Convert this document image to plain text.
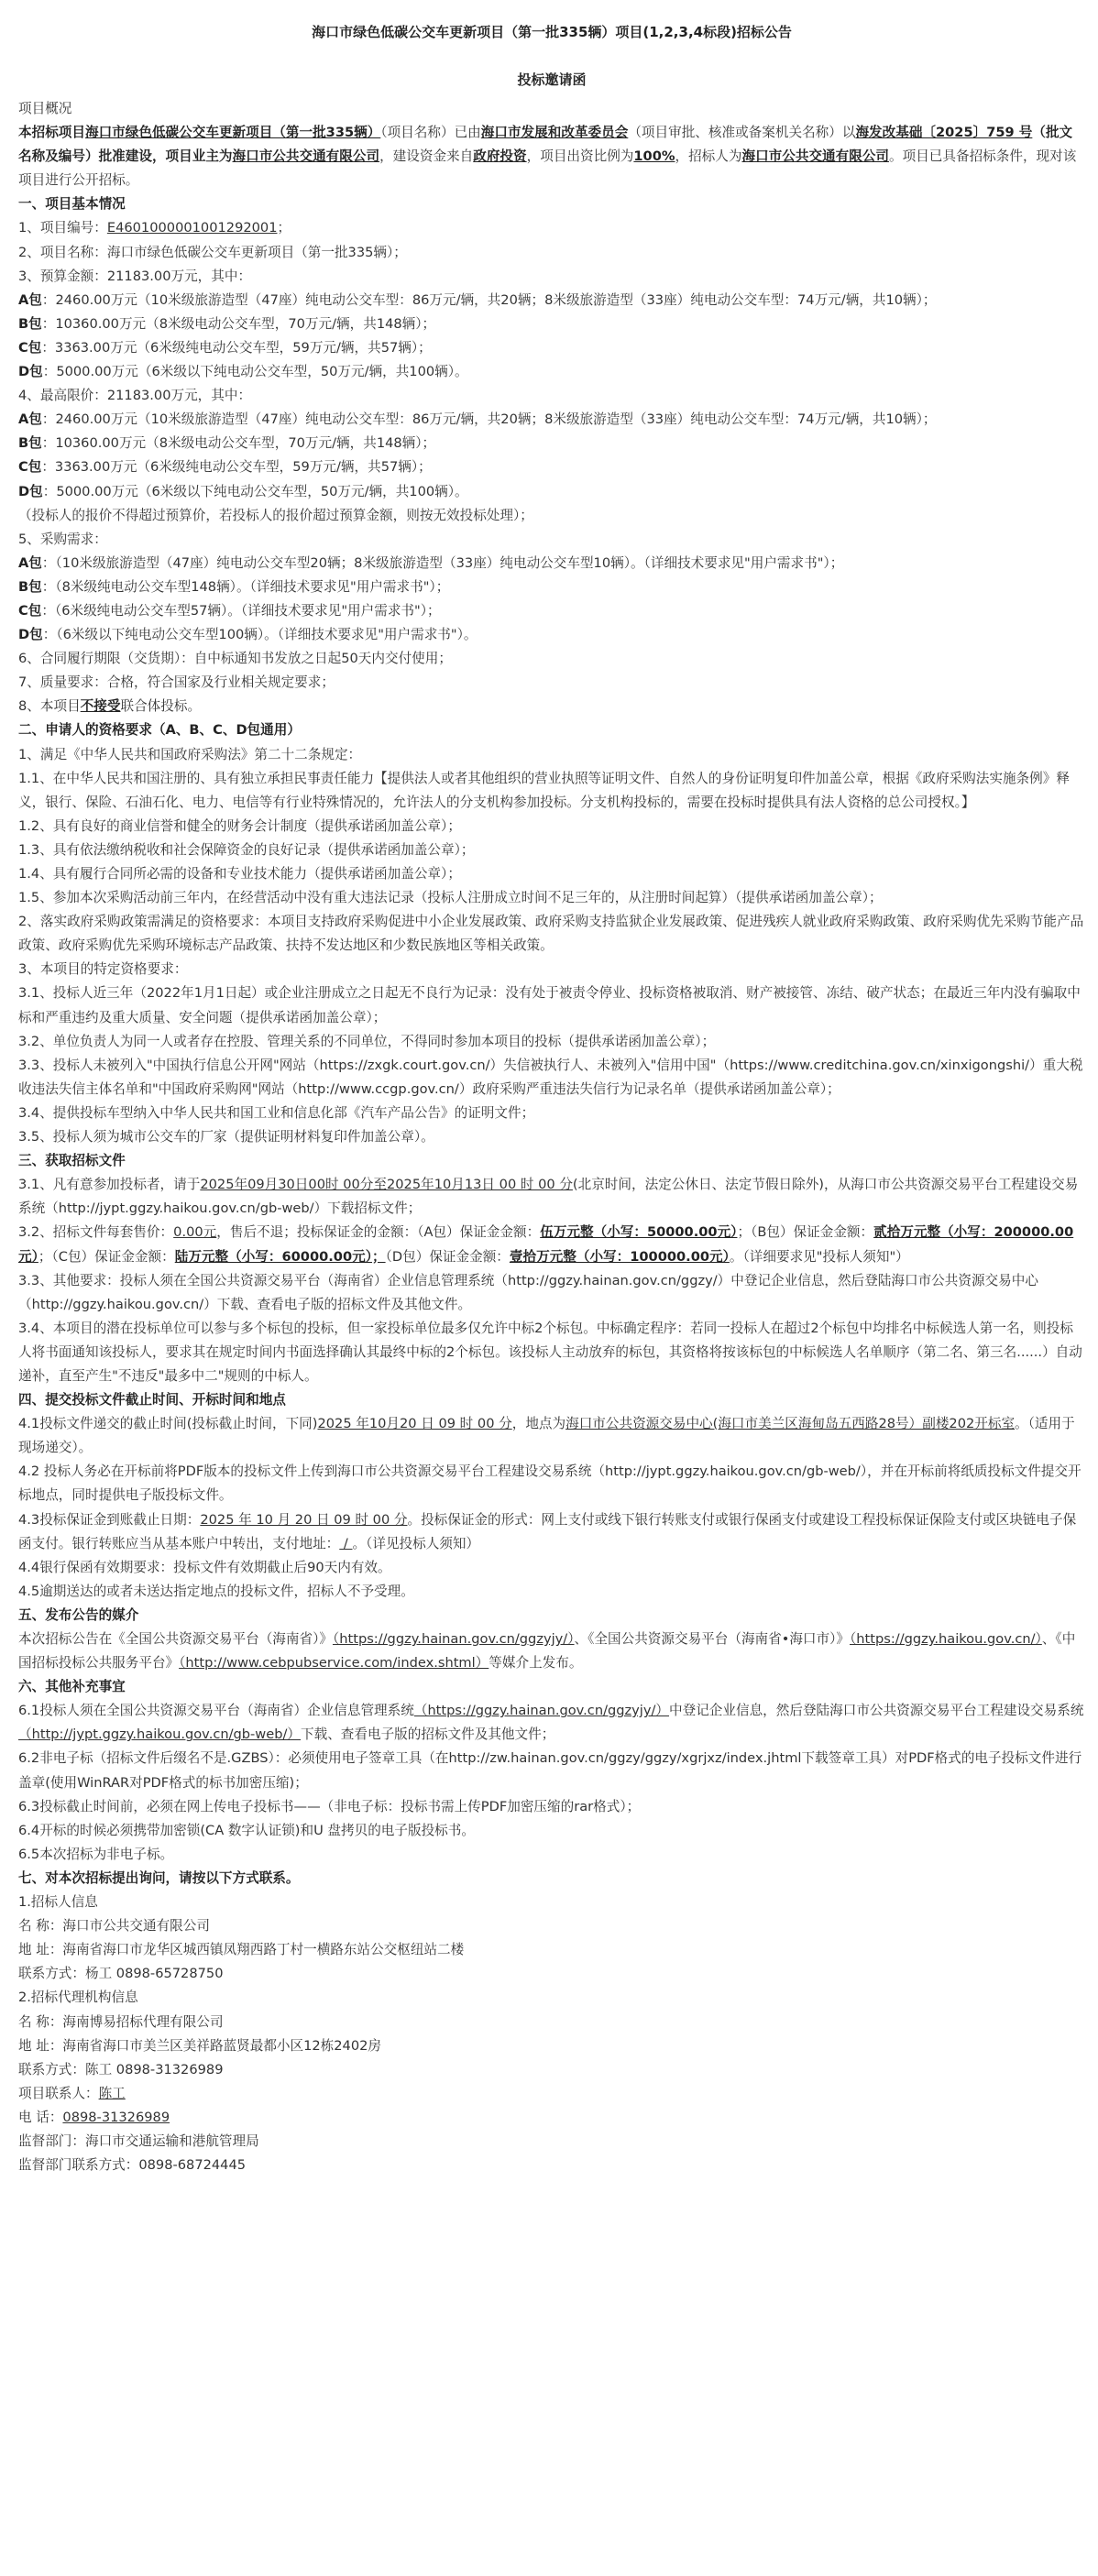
海口市绿色低碳公交车更新项目（第一批335辆）项目(1,2,3,4标段)招标公告
投标邀请函

项目概况

本招标项目海口市绿色低碳公交车更新项目（第一批335辆）（项目名称）已由海口市发展和改革委员会（项目审批、核准或备案机关名称）以海发改基础〔2025〕759 号（批文名称及编号）批准建设，项目业主为海口市公共交通有限公司，建设资金来自政府投资，项目出资比例为100%，招标人为海口市公共交通有限公司。项目已具备招标条件，现对该项目进行公开招标。

一、项目基本情况

1、项目编号：E4601000001001292001；

2、项目名称：海口市绿色低碳公交车更新项目（第一批335辆）；

3、预算金额：21183.00万元，其中：

A包：2460.00万元（10米级旅游造型（47座）纯电动公交车型：86万元/辆，共20辆；8米级旅游造型（33座）纯电动公交车型：74万元/辆，共10辆）；

B包：10360.00万元（8米级电动公交车型，70万元/辆，共148辆）；

C包：3363.00万元（6米级纯电动公交车型，59万元/辆，共57辆）；

D包：5000.00万元（6米级以下纯电动公交车型，50万元/辆，共100辆）。

4、最高限价：21183.00万元，其中：

A包：2460.00万元（10米级旅游造型（47座）纯电动公交车型：86万元/辆，共20辆；8米级旅游造型（33座）纯电动公交车型：74万元/辆，共10辆）；

B包：10360.00万元（8米级电动公交车型，70万元/辆，共148辆）；

C包：3363.00万元（6米级纯电动公交车型，59万元/辆，共57辆）；

D包：5000.00万元（6米级以下纯电动公交车型，50万元/辆，共100辆）。

（投标人的报价不得超过预算价，若投标人的报价超过预算金额，则按无效投标处理）；

5、采购需求：

A包：（10米级旅游造型（47座）纯电动公交车型20辆；8米级旅游造型（33座）纯电动公交车型10辆）。（详细技术要求见"用户需求书"）；

B包：（8米级纯电动公交车型148辆）。（详细技术要求见"用户需求书"）；

C包：（6米级纯电动公交车型57辆）。（详细技术要求见"用户需求书"）；

D包：（6米级以下纯电动公交车型100辆）。（详细技术要求见"用户需求书"）。

6、合同履行期限（交货期）：自中标通知书发放之日起50天内交付使用；

7、质量要求：合格，符合国家及行业相关规定要求；

8、本项目不接受联合体投标。

二、申请人的资格要求（A、B、C、D包通用）

1、满足《中华人民共和国政府采购法》第二十二条规定：

1.1、在中华人民共和国注册的、具有独立承担民事责任能力【提供法人或者其他组织的营业执照等证明文件、自然人的身份证明复印件加盖公章，根据《政府采购法实施条例》释义，银行、保险、石油石化、电力、电信等有行业特殊情况的，允许法人的分支机构参加投标。分支机构投标的，需要在投标时提供具有法人资格的总公司授权。】

1.2、具有良好的商业信誉和健全的财务会计制度（提供承诺函加盖公章）；

1.3、具有依法缴纳税收和社会保障资金的良好记录（提供承诺函加盖公章）；

1.4、具有履行合同所必需的设备和专业技术能力（提供承诺函加盖公章）；

1.5、参加本次采购活动前三年内，在经营活动中没有重大违法记录（投标人注册成立时间不足三年的，从注册时间起算）（提供承诺函加盖公章）；

2、落实政府采购政策需满足的资格要求：本项目支持政府采购促进中小企业发展政策、政府采购支持监狱企业发展政策、促进残疾人就业政府采购政策、政府采购优先采购节能产品政策、政府采购优先采购环境标志产品政策、扶持不发达地区和少数民族地区等相关政策。

3、本项目的特定资格要求：

3.1、投标人近三年（2022年1月1日起）或企业注册成立之日起无不良行为记录：没有处于被责令停业、投标资格被取消、财产被接管、冻结、破产状态；在最近三年内没有骗取中标和严重违约及重大质量、安全问题（提供承诺函加盖公章）；

3.2、单位负责人为同一人或者存在控股、管理关系的不同单位，不得同时参加本项目的投标（提供承诺函加盖公章）；

3.3、投标人未被列入"中国执行信息公开网"网站（https://zxgk.court.gov.cn/）失信被执行人、未被列入"信用中国"（https://www.creditchina.gov.cn/xinxigongshi/）重大税收违法失信主体名单和"中国政府采购网"网站（http://www.ccgp.gov.cn/）政府采购严重违法失信行为记录名单（提供承诺函加盖公章）；

3.4、提供投标车型纳入中华人民共和国工业和信息化部《汽车产品公告》的证明文件；

3.5、投标人须为城市公交车的厂家（提供证明材料复印件加盖公章）。

三、获取招标文件

3.1、凡有意参加投标者，请于2025年09月30日00时 00分至2025年10月13日 00 时 00 分(北京时间，法定公休日、法定节假日除外)，从海口市公共资源交易平台工程建设交易系统（http://jypt.ggzy.haikou.gov.cn/gb-web/）下载招标文件；

3.2、招标文件每套售价：0.00元，售后不退；投标保证金的金额：（A包）保证金金额：伍万元整（小写：50000.00元）；（B包）保证金金额：贰拾万元整（小写：200000.00元）；（C包）保证金金额：陆万元整（小写：60000.00元）；（D包）保证金金额：壹拾万元整（小写：100000.00元）。（详细要求见"投标人须知"）

3.3、其他要求：投标人须在全国公共资源交易平台（海南省）企业信息管理系统（http://ggzy.hainan.gov.cn/ggzy/）中登记企业信息，然后登陆海口市公共资源交易中心（http://ggzy.haikou.gov.cn/）下载、查看电子版的招标文件及其他文件。

3.4、本项目的潜在投标单位可以参与多个标包的投标，但一家投标单位最多仅允许中标2个标包。中标确定程序：若同一投标人在超过2个标包中均排名中标候选人第一名，则投标人将书面通知该投标人，要求其在规定时间内书面选择确认其最终中标的2个标包。该投标人主动放弃的标包，其资格将按该标包的中标候选人名单顺序（第二名、第三名......）自动递补，直至产生"不违反"最多中二"规则的中标人。

四、提交投标文件截止时间、开标时间和地点

4.1投标文件递交的截止时间(投标截止时间，下同)2025 年10月20 日 09 时 00 分，地点为海口市公共资源交易中心(海口市美兰区海甸岛五西路28号）副楼202开标室。（适用于现场递交）。

4.2 投标人务必在开标前将PDF版本的投标文件上传到海口市公共资源交易平台工程建设交易系统（http://jypt.ggzy.haikou.gov.cn/gb-web/），并在开标前将纸质投标文件提交开标地点，同时提供电子版投标文件。

4.3投标保证金到账截止日期：2025 年 10 月 20 日 09 时 00 分。投标保证金的形式：网上支付或线下银行转账支付或银行保函支付或建设工程投标保证保险支付或区块链电子保函支付。银行转账应当从基本账户中转出，支付地址： / 。（详见投标人须知）

4.4银行保函有效期要求：投标文件有效期截止后90天内有效。

4.5逾期送达的或者未送达指定地点的投标文件，招标人不予受理。

五、发布公告的媒介

本次招标公告在《全国公共资源交易平台（海南省）》（https://ggzy.hainan.gov.cn/ggzyjy/）、《全国公共资源交易平台（海南省•海口市）》（https://ggzy.haikou.gov.cn/）、《中国招标投标公共服务平台》（http://www.cebpubservice.com/index.shtml）等媒介上发布。

六、其他补充事宜

6.1投标人须在全国公共资源交易平台（海南省）企业信息管理系统（https://ggzy.hainan.gov.cn/ggzyjy/）中登记企业信息，然后登陆海口市公共资源交易平台工程建设交易系统（http://jypt.ggzy.haikou.gov.cn/gb-web/）下载、查看电子版的招标文件及其他文件；

6.2非电子标（招标文件后缀名不是.GZBS）：必须使用电子签章工具（在http://zw.hainan.gov.cn/ggzy/ggzy/xgrjxz/index.jhtml下载签章工具）对PDF格式的电子投标文件进行盖章(使用WinRAR对PDF格式的标书加密压缩)；

6.3投标截止时间前，必须在网上传电子投标书——（非电子标：投标书需上传PDF加密压缩的rar格式）；

6.4开标的时候必须携带加密锁(CA 数字认证锁)和U 盘拷贝的电子版投标书。

6.5本次招标为非电子标。

七、对本次招标提出询问，请按以下方式联系。

1.招标人信息

名 称：海口市公共交通有限公司

地 址：海南省海口市龙华区城西镇凤翔西路丁村一横路东站公交枢纽站二楼

联系方式：杨工 0898-65728750

2.招标代理机构信息

名 称：海南博易招标代理有限公司

地 址：海南省海口市美兰区美祥路蓝贤最都小区12栋2402房

联系方式：陈工 0898-31326989

项目联系人：陈工

电 话：0898-31326989

监督部门：海口市交通运输和港航管理局

监督部门联系方式：0898-68724445
